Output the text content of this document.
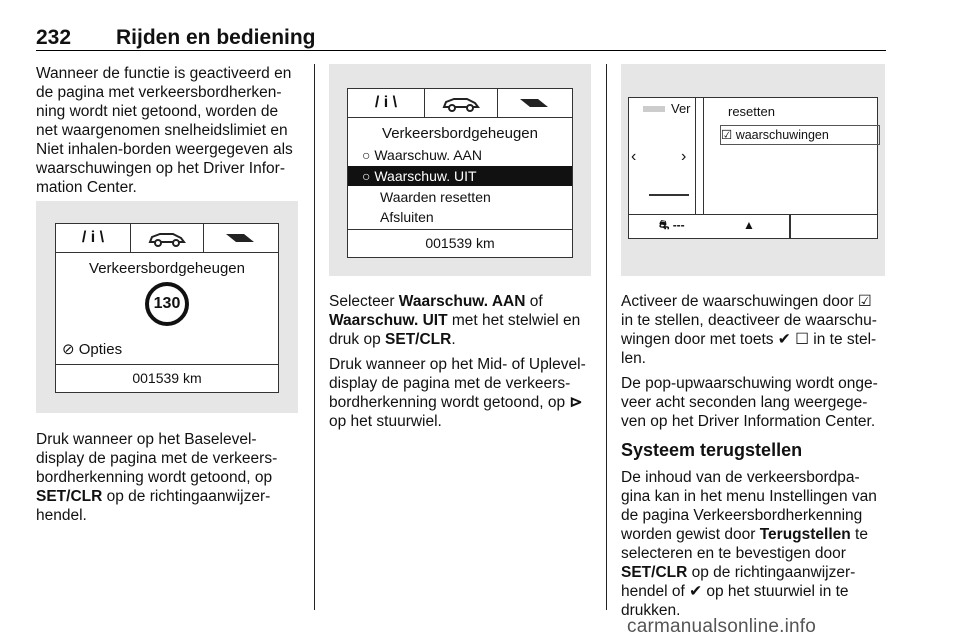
232 Rijden en bediening

Wanneer de functie is geactiveerd en de pagina met verkeersbordherken-ning wordt niet getoond, worden de net waargenomen snelheidslimiet en Niet inhalen-borden weergegeven als waarschuwingen op het Driver Infor-mation Center.

/ i \
Verkeersbordgeheugen
130
⊘ Opties
001539 km

Druk wanneer op het Baselevel-display de pagina met de verkeers-bordherkenning wordt getoond, op SET/CLR op de richtingaanwijzer-hendel.

/ i \
Verkeersbordgeheugen
○ Waarschuw. AAN
○ Waarschuw. UIT
Waarden resetten
Afsluiten
001539 km

Selecteer Waarschuw. AAN of Waarschuw. UIT met het stelwiel en druk op SET/CLR.

Druk wanneer op het Mid- of Uplevel-display de pagina met de verkeers-bordherkenning wordt getoond, op ⊳ op het stuurwiel.

Ver
‹	›
resetten
☑ waarschuwingen
⛐ ---	▲

Activeer de waarschuwingen door ☑ in te stellen, deactiveer de waarschu-wingen door met toets ✔ ☐ in te stel-len.

De pop-upwaarschuwing wordt onge-veer acht seconden lang weergege-ven op het Driver Information Center.

Systeem terugstellen

De inhoud van de verkeersbordpa-gina kan in het menu Instellingen van de pagina Verkeersbordherkenning worden gewist door Terugstellen te selecteren en te bevestigen door SET/CLR op de richtingaanwijzer-hendel of ✔ op het stuurwiel in te drukken.

carmanualsonline.info
